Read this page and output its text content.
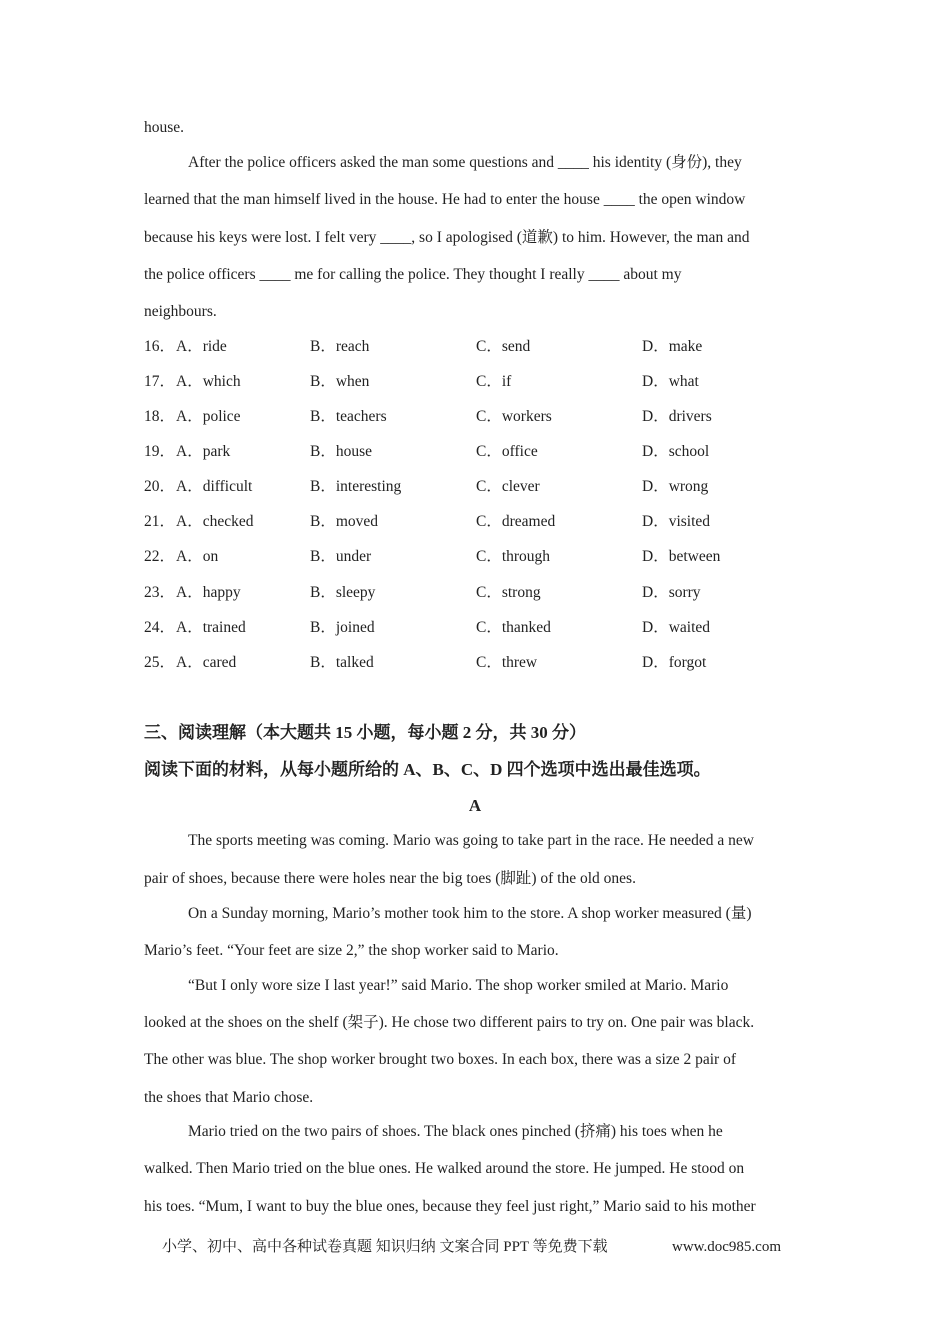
house.
After the police officers asked the man some questions and ____ his identity (身份), they
learned that the man himself lived in the house. He had to enter the house ____ the open window
because his keys were lost. I felt very ____, so I apologised (道歉) to him. However, the man and
the police officers ____ me for calling the police. They thought I really ____ about my
neighbours.
16． A．ride	B．reach	C．send	D．make
17． A．which	B．when	C．if	D．what
18． A．police	B．teachers	C．workers	D．drivers
19． A．park	B．house	C．office	D．school
20． A．difficult	B．interesting	C．clever	D．wrong
21． A．checked	B．moved	C．dreamed	D．visited
22． A．on	B．under	C．through	D．between
23． A．happy	B．sleepy	C．strong	D．sorry
24． A．trained	B．joined	C．thanked	D．waited
25． A．cared	B．talked	C．threw	D．forgot
三、阅读理解（本大题共 15 小题，每小题 2 分，共 30 分）
阅读下面的材料，从每小题所给的 A、B、C、D 四个选项中选出最佳选项。
A
The sports meeting was coming. Mario was going to take part in the race. He needed a new
pair of shoes, because there were holes near the big toes (脚趾) of the old ones.
On a Sunday morning, Mario’s mother took him to the store. A shop worker measured (量)
Mario’s feet. “Your feet are size 2,” the shop worker said to Mario.
“But I only wore size I last year!” said Mario. The shop worker smiled at Mario. Mario
looked at the shoes on the shelf (架子). He chose two different pairs to try on. One pair was black.
The other was blue. The shop worker brought two boxes. In each box, there was a size 2 pair of
the shoes that Mario chose.
Mario tried on the two pairs of shoes. The black ones pinched (挤痛) his toes when he
walked. Then Mario tried on the blue ones. He walked around the store. He jumped. He stood on
his toes. “Mum, I want to buy the blue ones, because they feel just right,” Mario said to his mother
小学、初中、高中各种试卷真题 知识归纳 文案合同 PPT 等免费下载	www.doc985.com
